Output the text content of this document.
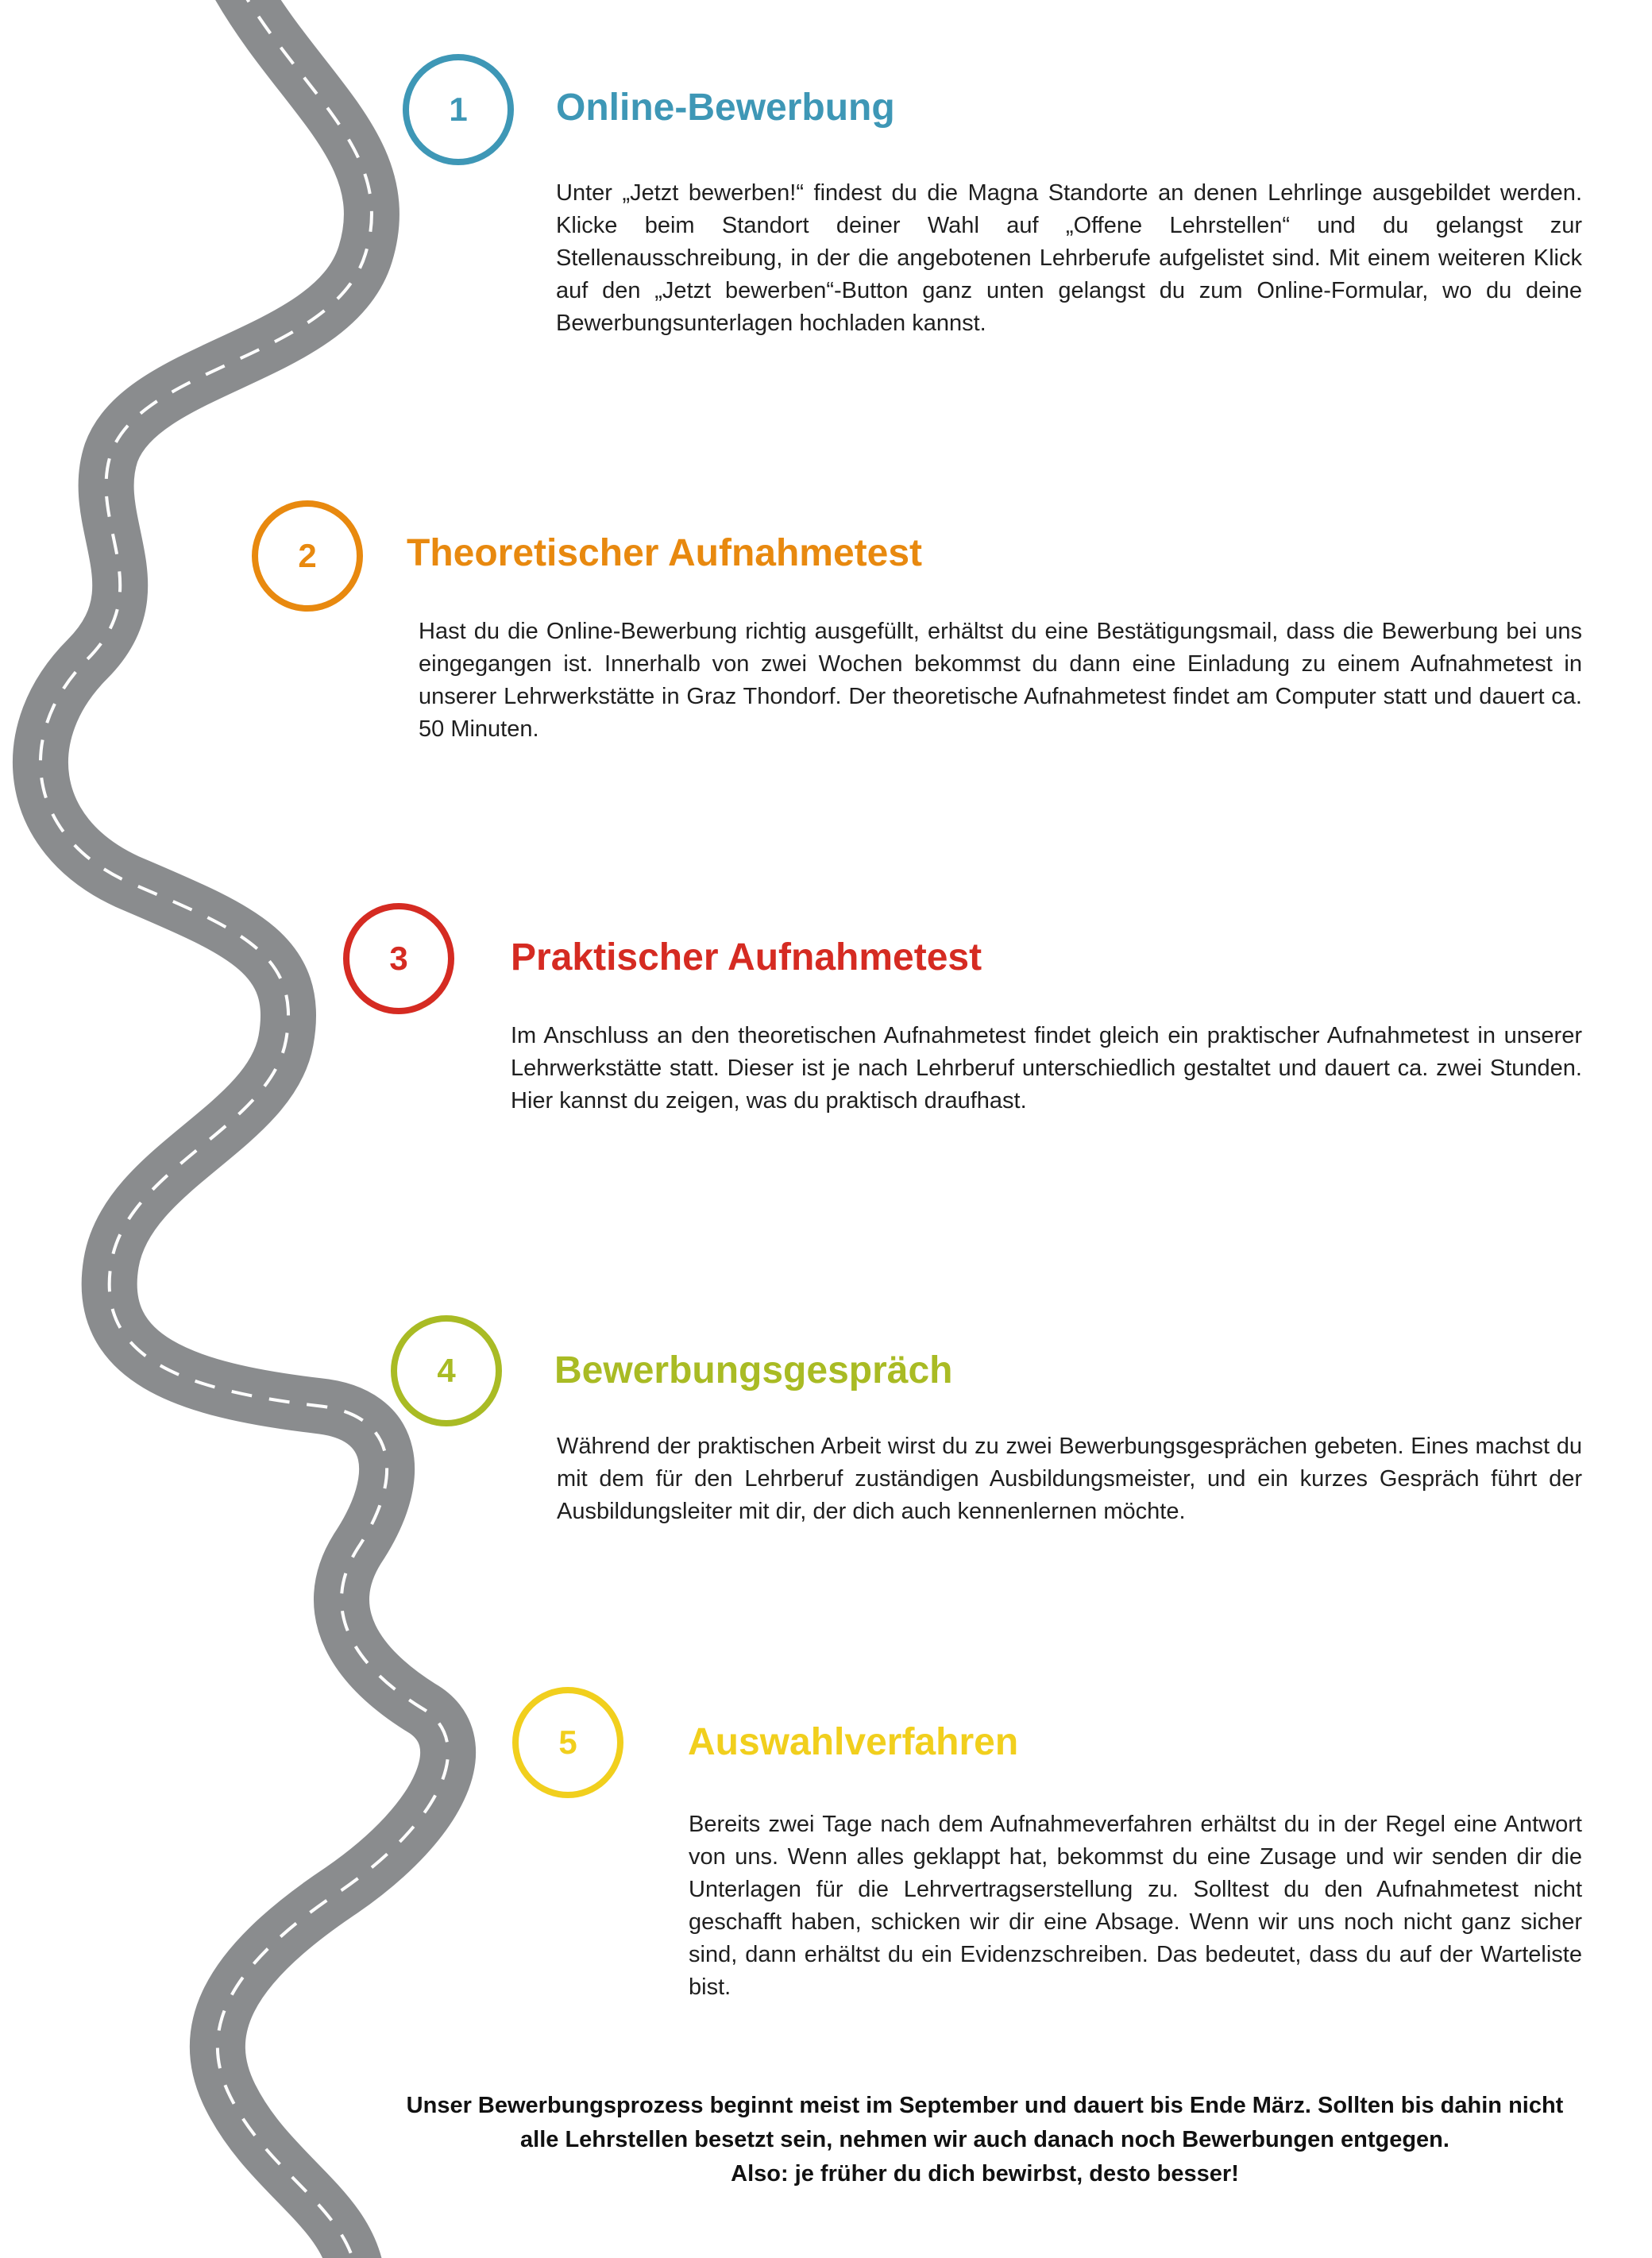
1 Online-Bewerbung

Unter „Jetzt bewerben!“ findest du die Magna Standorte an denen Lehrlinge ausgebildet werden. Klicke beim Standort deiner Wahl auf „Offene Lehrstellen“ und du gelangst zur Stellenausschreibung, in der die angebotenen Lehrberufe aufgelistet sind. Mit einem weiteren Klick auf den „Jetzt bewerben“-Button ganz unten gelangst du zum Online-Formular, wo du deine Bewerbungsunterlagen hochladen kannst.

2 Theoretischer Aufnahmetest

Hast du die Online-Bewerbung richtig ausgefüllt, erhältst du eine Bestätigungsmail, dass die Bewerbung bei uns eingegangen ist. Innerhalb von zwei Wochen bekommst du dann eine Einladung zu einem Aufnahmetest in unserer Lehrwerkstätte in Graz Thondorf. Der theoretische Aufnahmetest findet am Computer statt und dauert ca. 50 Minuten.

3	Praktischer Aufnahmetest

Im Anschluss an den theoretischen Aufnahmetest findet gleich ein praktischer Aufnahmetest in unserer Lehrwerkstätte statt. Dieser ist je nach Lehrberuf unterschiedlich gestaltet und dauert ca. zwei Stunden. Hier kannst du zeigen, was du praktisch draufhast.

4	Bewerbungsgespräch

Während der praktischen Arbeit wirst du zu zwei Bewerbungsgesprächen gebeten. Eines machst du mit dem für den Lehrberuf zuständigen Ausbildungsmeister, und ein kurzes Gespräch führt der Ausbildungsleiter mit dir, der dich auch kennenlernen möchte.

5	Auswahlverfahren

Bereits zwei Tage nach dem Aufnahmeverfahren erhältst du in der Regel eine Antwort von uns. Wenn alles geklappt hat, bekommst du eine Zusage und wir senden dir die Unterlagen für die Lehrvertragserstellung zu. Solltest du den Aufnahmetest nicht geschafft haben, schicken wir dir eine Absage. Wenn wir uns noch nicht ganz sicher sind, dann erhältst du ein Evidenzschreiben. Das bedeutet, dass du auf der Warteliste bist.

Unser Bewerbungsprozess beginnt meist im September und dauert bis Ende März. Sollten bis dahin nicht
alle Lehrstellen besetzt sein, nehmen wir auch danach noch Bewerbungen entgegen.
Also: je früher du dich bewirbst, desto besser!
